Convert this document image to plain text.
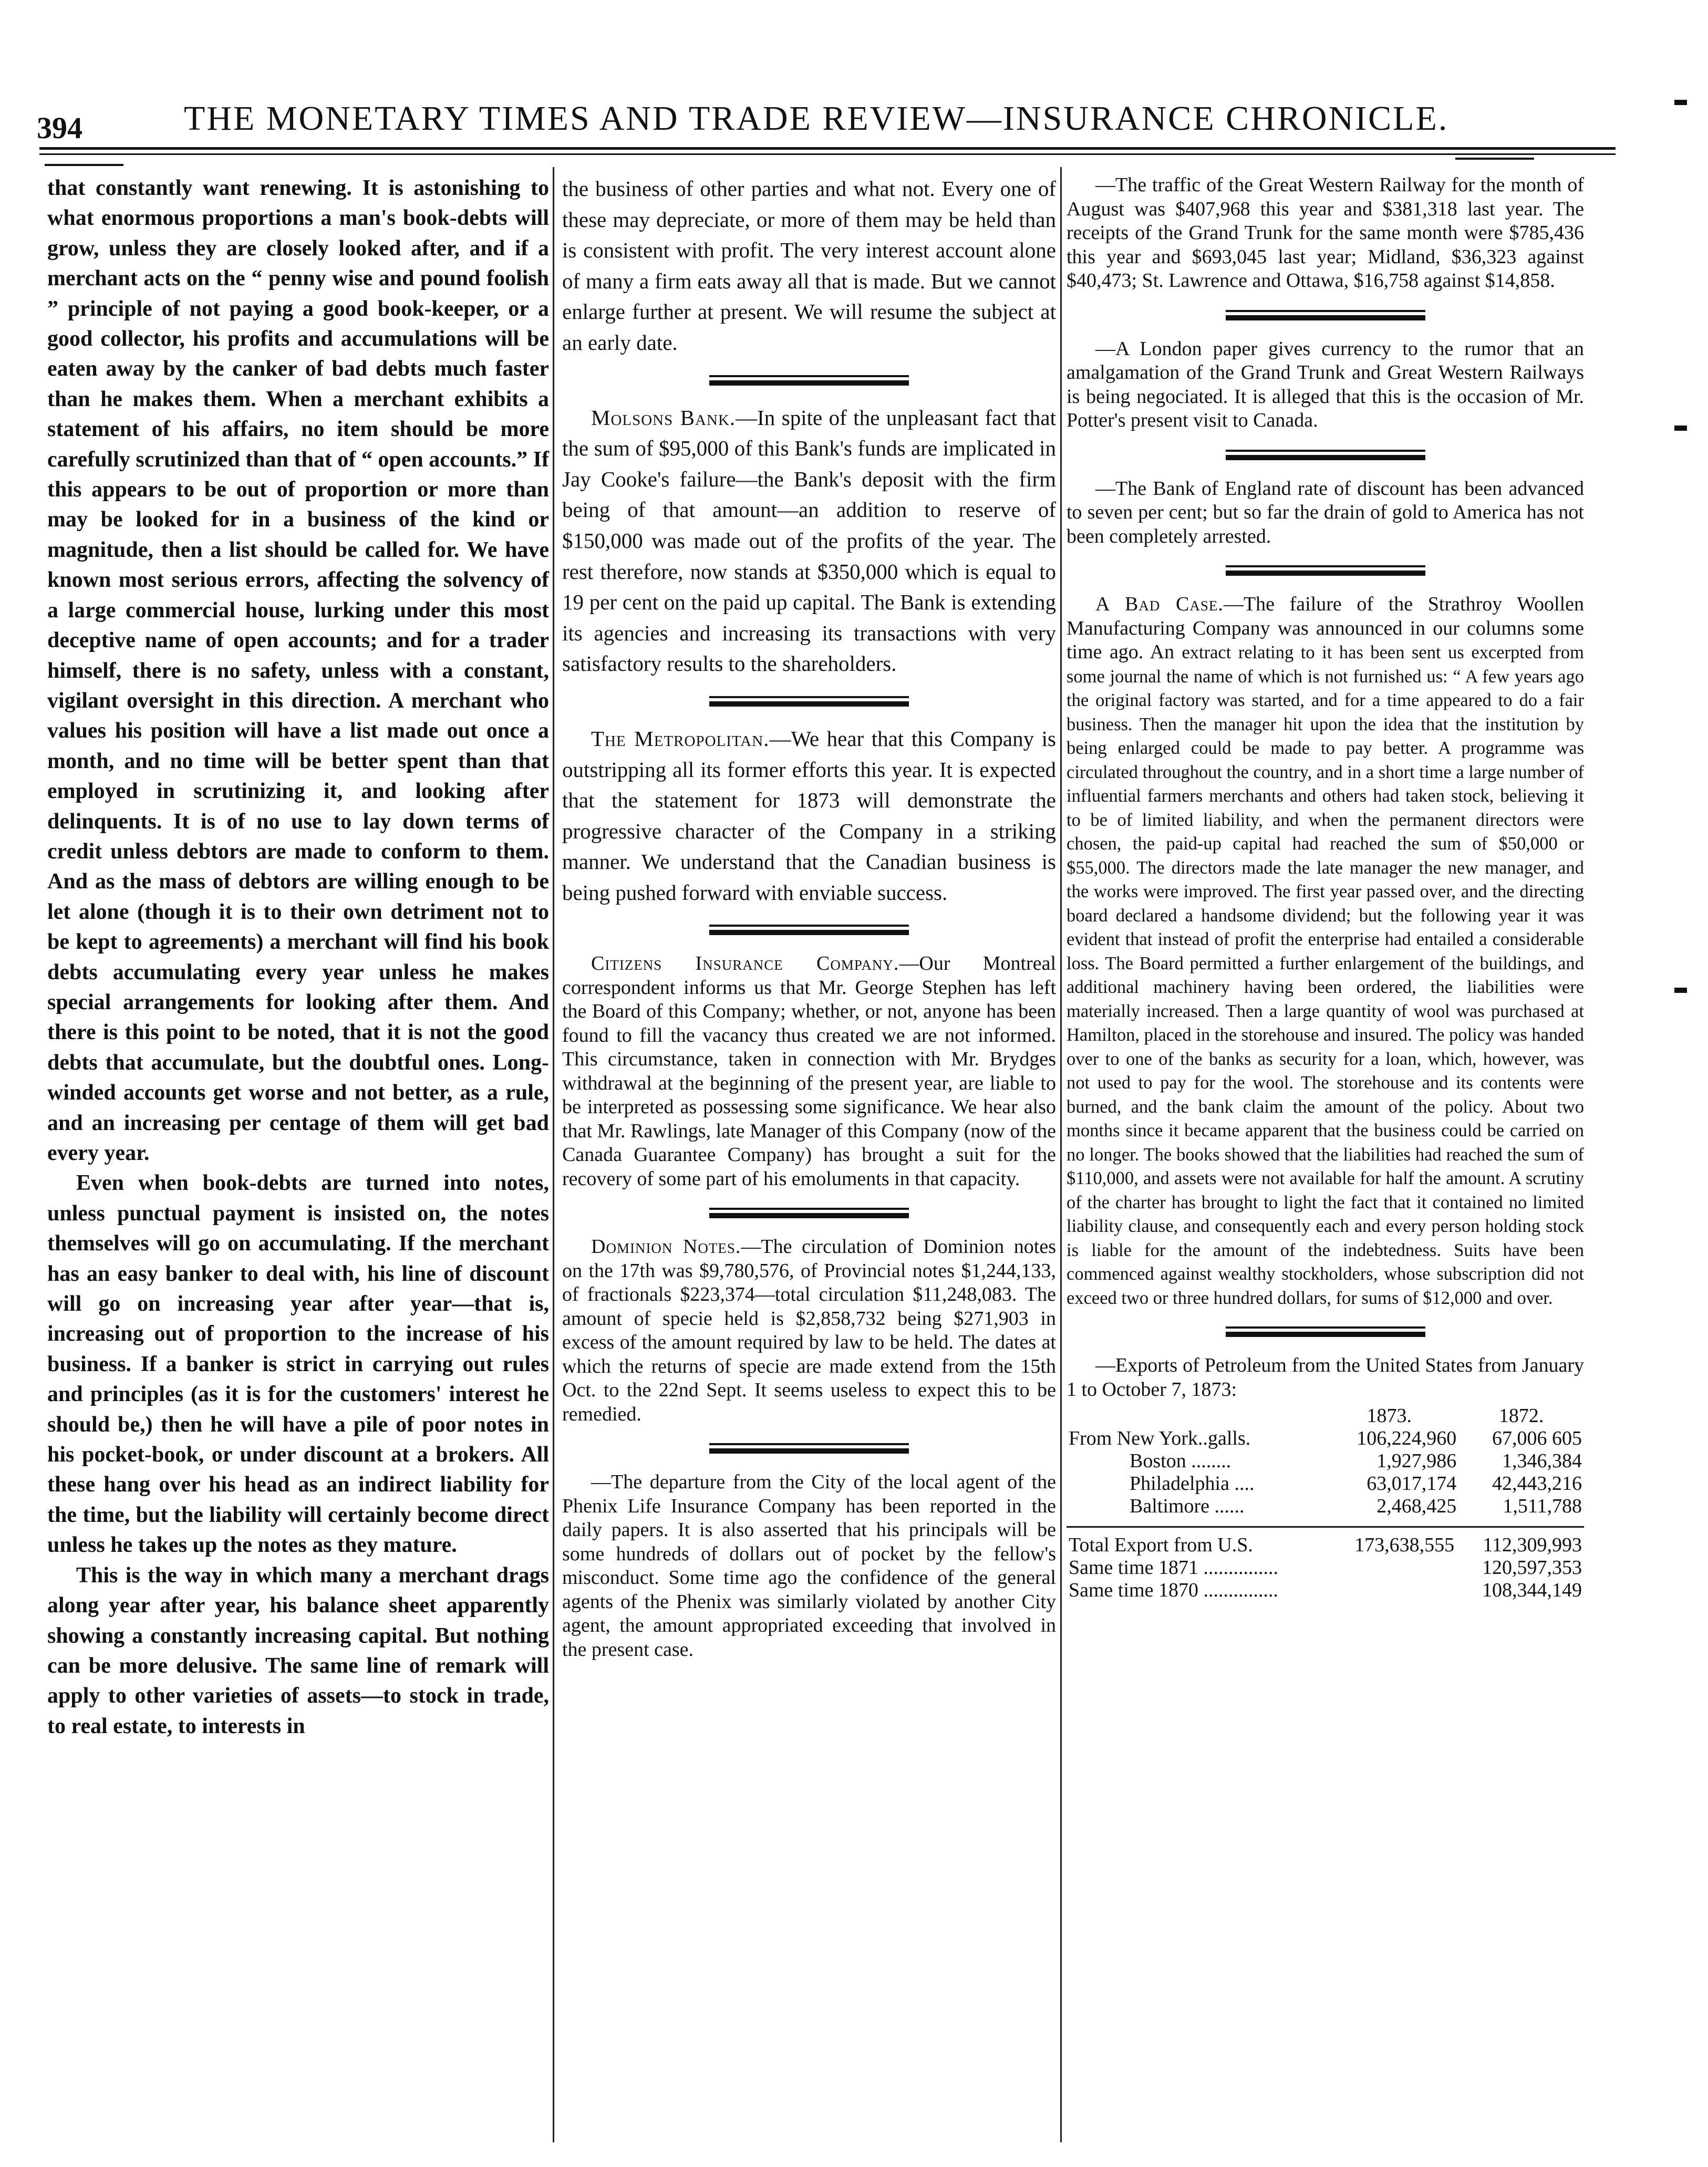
394	THE MONETARY TIMES AND TRADE REVIEW—INSURANCE CHRONICLE.

that constantly want renewing. It is astonishing to what enormous proportions a man's book-debts will grow, unless they are closely looked after, and if a merchant acts on the “ penny wise and pound foolish ” principle of not paying a good book-keeper, or a good collector, his profits and accumulations will be eaten away by the canker of bad debts much faster than he makes them. When a merchant exhibits a statement of his affairs, no item should be more carefully scrutinized than that of “ open accounts.” If this appears to be out of proportion or more than may be looked for in a business of the kind or magnitude, then a list should be called for. We have known most serious errors, affecting the solvency of a large commercial house, lurking under this most deceptive name of open accounts; and for a trader himself, there is no safety, unless with a constant, vigilant oversight in this direction. A merchant who values his position will have a list made out once a month, and no time will be better spent than that employed in scrutinizing it, and looking after delinquents. It is of no use to lay down terms of credit unless debtors are made to conform to them. And as the mass of debtors are willing enough to be let alone (though it is to their own detriment not to be kept to agreements) a merchant will find his book debts accumulating every year unless he makes special arrangements for looking after them. And there is this point to be noted, that it is not the good debts that accumulate, but the doubtful ones. Long-winded accounts get worse and not better, as a rule, and an increasing per centage of them will get bad every year.

Even when book-debts are turned into notes, unless punctual payment is insisted on, the notes themselves will go on accumulating. If the merchant has an easy banker to deal with, his line of discount will go on increasing year after year—that is, increasing out of proportion to the increase of his business. If a banker is strict in carrying out rules and principles (as it is for the customers' interest he should be,) then he will have a pile of poor notes in his pocket-book, or under discount at a brokers. All these hang over his head as an indirect liability for the time, but the liability will certainly become direct unless he takes up the notes as they mature.

This is the way in which many a merchant drags along year after year, his balance sheet apparently showing a constantly increasing capital. But nothing can be more delusive. The same line of remark will apply to other varieties of assets—to stock in trade, to real estate, to interests in

the business of other parties and what not. Every one of these may depreciate, or more of them may be held than is consistent with profit. The very interest account alone of many a firm eats away all that is made. But we cannot enlarge further at present. We will resume the subject at an early date.

Molsons Bank.—In spite of the unpleasant fact that the sum of $95,000 of this Bank's funds are implicated in Jay Cooke's failure—the Bank's deposit with the firm being of that amount—an addition to reserve of $150,000 was made out of the profits of the year. The rest therefore, now stands at $350,000 which is equal to 19 per cent on the paid up capital. The Bank is extending its agencies and increasing its transactions with very satisfactory results to the shareholders.

The Metropolitan.—We hear that this Company is outstripping all its former efforts this year. It is expected that the statement for 1873 will demonstrate the progressive character of the Company in a striking manner. We understand that the Canadian business is being pushed forward with enviable success.

Citizens Insurance Company.—Our Montreal correspondent informs us that Mr. George Stephen has left the Board of this Company; whether, or not, anyone has been found to fill the vacancy thus created we are not informed. This circumstance, taken in connection with Mr. Brydges withdrawal at the beginning of the present year, are liable to be interpreted as possessing some significance. We hear also that Mr. Rawlings, late Manager of this Company (now of the Canada Guarantee Company) has brought a suit for the recovery of some part of his emoluments in that capacity.

Dominion Notes.—The circulation of Dominion notes on the 17th was $9,780,576, of Provincial notes $1,244,133, of fractionals $223,374—total circulation $11,248,083. The amount of specie held is $2,858,732 being $271,903 in excess of the amount required by law to be held. The dates at which the returns of specie are made extend from the 15th Oct. to the 22nd Sept. It seems useless to expect this to be remedied.

—The departure from the City of the local agent of the Phenix Life Insurance Company has been reported in the daily papers. It is also asserted that his principals will be some hundreds of dollars out of pocket by the fellow's misconduct. Some time ago the confidence of the general agents of the Phenix was similarly violated by another City agent, the amount appropriated exceeding that involved in the present case.

—The traffic of the Great Western Railway for the month of August was $407,968 this year and $381,318 last year. The receipts of the Grand Trunk for the same month were $785,436 this year and $693,045 last year; Midland, $36,323 against $40,473; St. Lawrence and Ottawa, $16,758 against $14,858.

—A London paper gives currency to the rumor that an amalgamation of the Grand Trunk and Great Western Railways is being negociated. It is alleged that this is the occasion of Mr. Potter's present visit to Canada.

—The Bank of England rate of discount has been advanced to seven per cent; but so far the drain of gold to America has not been completely arrested.

A Bad Case.—The failure of the Strathroy Woollen Manufacturing Company was announced in our columns some time ago. An extract relating to it has been sent us excerpted from some journal the name of which is not furnished us: “ A few years ago the original factory was started, and for a time appeared to do a fair business. Then the manager hit upon the idea that the institution by being enlarged could be made to pay better. A programme was circulated throughout the country, and in a short time a large number of influential farmers merchants and others had taken stock, believing it to be of limited liability, and when the permanent directors were chosen, the paid-up capital had reached the sum of $50,000 or $55,000. The directors made the late manager the new manager, and the works were improved. The first year passed over, and the directing board declared a handsome dividend; but the following year it was evident that instead of profit the enterprise had entailed a considerable loss. The Board permitted a further enlargement of the buildings, and additional machinery having been ordered, the liabilities were materially increased. Then a large quantity of wool was purchased at Hamilton, placed in the storehouse and insured. The policy was handed over to one of the banks as security for a loan, which, however, was not used to pay for the wool. The storehouse and its contents were burned, and the bank claim the amount of the policy. About two months since it became apparent that the business could be carried on no longer. The books showed that the liabilities had reached the sum of $110,000, and assets were not available for half the amount. A scrutiny of the charter has brought to light the fact that it contained no limited liability clause, and consequently each and every person holding stock is liable for the amount of the indebtedness. Suits have been commenced against wealthy stockholders, whose subscription did not exceed two or three hundred dollars, for sums of $12,000 and over.

—Exports of Petroleum from the United States from January 1 to October 7, 1873:

	1873.	1872.
From New York..galls.	106,224,960	67,006 605
Boston ........	1,927,986	1,346,384
Philadelphia ....	63,017,174	42,443,216
Baltimore ......	2,468,425	1,511,788
Total Export from U.S.	173,638,555	112,309,993
Same time 1871 ...............		120,597,353
Same time 1870 ...............		108,344,149
